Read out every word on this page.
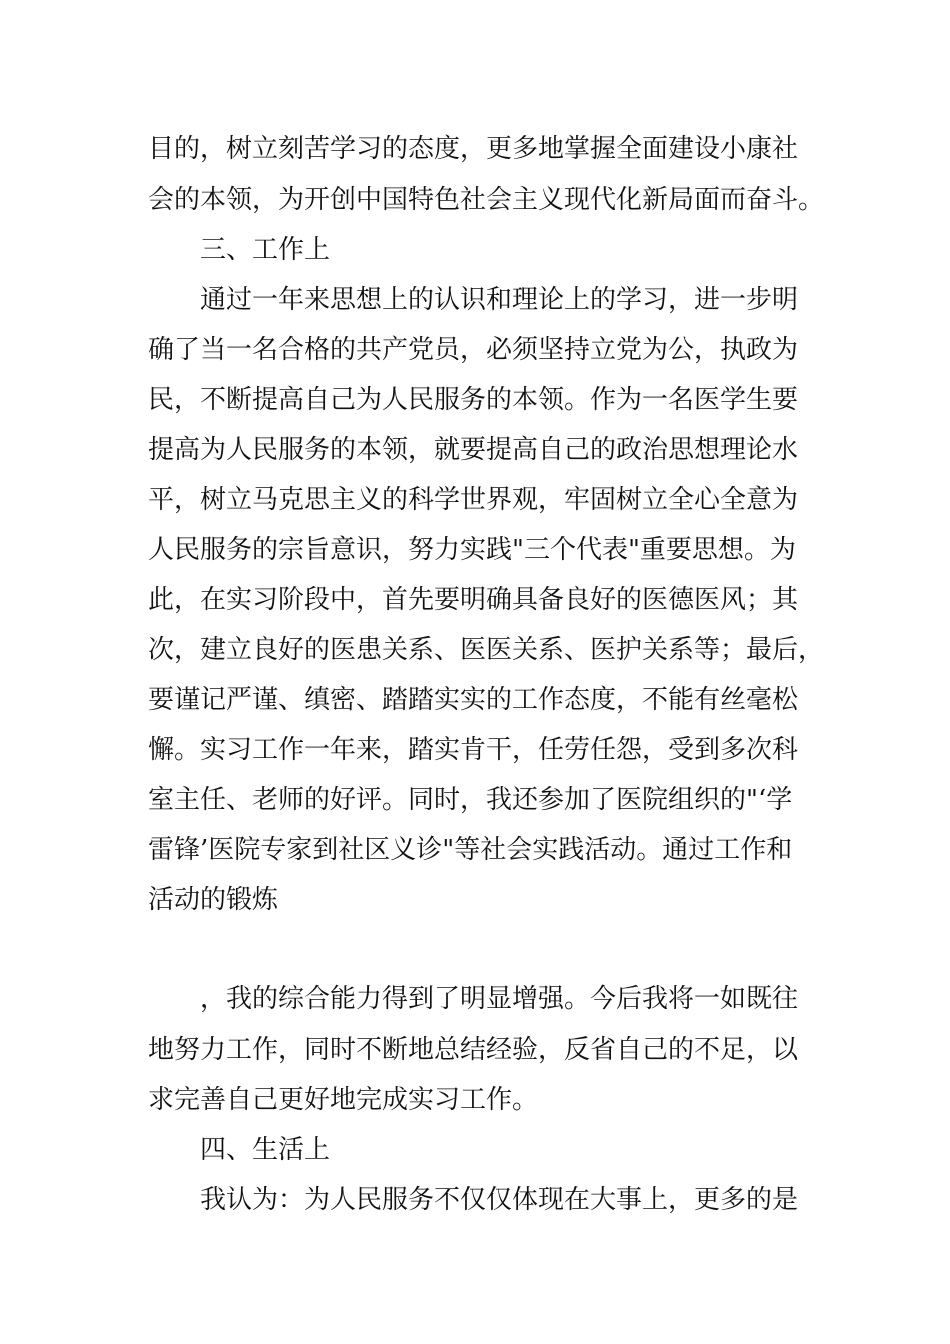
目的，树立刻苦学习的态度，更多地掌握全面建设小康社
会的本领，为开创中国特色社会主义现代化新局面而奋斗。
三、工作上
通过一年来思想上的认识和理论上的学习，进一步明
确了当一名合格的共产党员，必须坚持立党为公，执政为
民，不断提高自己为人民服务的本领。作为一名医学生要
提高为人民服务的本领，就要提高自己的政治思想理论水
平，树立马克思主义的科学世界观，牢固树立全心全意为
人民服务的宗旨意识，努力实践"三个代表"重要思想。为
此，在实习阶段中，首先要明确具备良好的医德医风；其
次，建立良好的医患关系、医医关系、医护关系等；最后，
要谨记严谨、缜密、踏踏实实的工作态度，不能有丝毫松
懈。实习工作一年来，踏实肯干，任劳任怨，受到多次科
室主任、老师的好评。同时，我还参加了医院组织的"‘学
雷锋’医院专家到社区义诊"等社会实践活动。通过工作和
活动的锻炼
，我的综合能力得到了明显增强。今后我将一如既往
地努力工作，同时不断地总结经验，反省自己的不足，以
求完善自己更好地完成实习工作。
四、生活上
我认为：为人民服务不仅仅体现在大事上，更多的是
